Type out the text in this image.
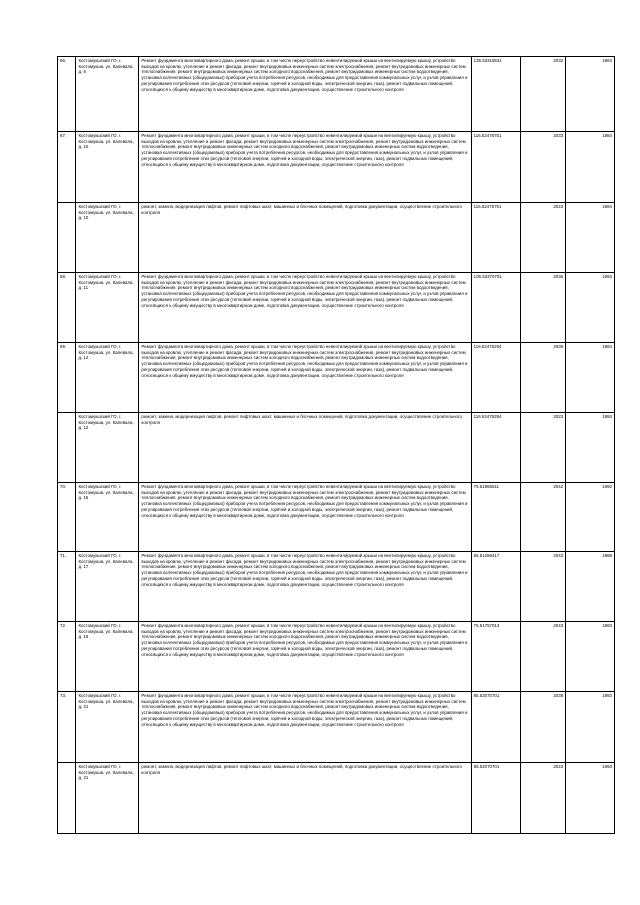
66.	Костомукшский ГО, г. Костомукша, ул. Калевала, д. 6	Ремонт фундамента многоквартирного дома, ремонт крыши, в том числе переустройство невентилируемой крыши на вентилируемую крышу, устройство выходов на кровлю, утепление и ремонт фасада, ремонт внутридомовых инженерных систем электроснабжения, ремонт внутридомовых инженерных систем теплоснабжения, ремонт внутридомовых инженерных систем холодного водоснабжения, ремонт внутридомовых инженерных систем водоотведения, установка коллективных (общедомовых) приборов учета потребления ресурсов, необходимых для предоставления коммунальных услуг, и узлов управления и регулирования потребления этих ресурсов (тепловой энергии, горячей и холодной воды, электрической энергии, газа), ремонт подвальных помещений, относящихся к общему имуществу в многоквартирном доме, подготовка документации, осуществление строительного контроля	135.53316531	2032	1984
67.	Костомукшский ГО, г. Костомукша, ул. Калевала, д. 10	Ремонт фундамента многоквартирного дома, ремонт крыши, в том числе переустройство невентилируемой крыши на вентилируемую крышу, устройство выходов на кровлю, утепление и ремонт фасада, ремонт внутридомовых инженерных систем электроснабжения, ремонт внутридомовых инженерных систем теплоснабжения, ремонт внутридомовых инженерных систем холодного водоснабжения, ремонт внутридомовых инженерных систем водоотведения, установка коллективных (общедомовых) приборов учета потребления ресурсов, необходимых для предоставления коммунальных услуг, и узлов управления и регулирования потребления этих ресурсов (тепловой энергии, горячей и холодной воды, электрической энергии, газа), ремонт подвальных помещений, относящихся к общему имуществу в многоквартирном доме, подготовка документации, осуществление строительного контроля	116.52476751	2033	1984
	Костомукшский ГО, г. Костомукша, ул. Калевала, д. 10	ремонт, замена, модернизация лифтов, ремонт лифтовых шахт, машинных и блочных помещений, подготовка документации, осуществление строительного контроля	116.52476751	2023	1984
68.	Костомукшский ГО, г. Костомукша, ул. Калевала, д. 11	Ремонт фундамента многоквартирного дома, ремонт крыши, в том числе переустройство невентилируемой крыши на вентилируемую крышу, устройство выходов на кровлю, утепление и ремонт фасада, ремонт внутридомовых инженерных систем электроснабжения, ремонт внутридомовых инженерных систем теплоснабжения, ремонт внутридомовых инженерных систем холодного водоснабжения, ремонт внутридомовых инженерных систем водоотведения, установка коллективных (общедомовых) приборов учета потребления ресурсов, необходимых для предоставления коммунальных услуг, и узлов управления и регулирования потребления этих ресурсов (тепловой энергии, горячей и холодной воды, электрической энергии, газа), ремонт подвальных помещений, относящихся к общему имуществу в многоквартирном доме, подготовка документации, осуществление строительного контроля	105.53370701	2036	1993
69.	Костомукшский ГО, г. Костомукша, ул. Калевала, д. 12	Ремонт фундамента многоквартирного дома, ремонт крыши, в том числе переустройство невентилируемой крыши на вентилируемую крышу, устройство выходов на кровлю, утепление и ремонт фасада, ремонт внутридомовых инженерных систем электроснабжения, ремонт внутридомовых инженерных систем теплоснабжения, ремонт внутридомовых инженерных систем холодного водоснабжения, ремонт внутридомовых инженерных систем водоотведения, установка коллективных (общедомовых) приборов учета потребления ресурсов, необходимых для предоставления коммунальных услуг, и узлов управления и регулирования потребления этих ресурсов (тепловой энергии, горячей и холодной воды, электрической энергии, газа), ремонт подвальных помещений, относящихся к общему имуществу в многоквартирном доме, подготовка документации, осуществление строительного контроля	116.52476294	2038	1984
	Костомукшский ГО, г. Костомукша, ул. Калевала, д. 12	ремонт, замена, модернизация лифтов, ремонт лифтовых шахт, машинных и блочных помещений, подготовка документации, осуществление строительного контроля	116.52476294	2023	1984
70.	Костомукшский ГО, г. Костомукша, ул. Калевала, д. 15	Ремонт фундамента многоквартирного дома, ремонт крыши, в том числе переустройство невентилируемой крыши на вентилируемую крышу, устройство выходов на кровлю, утепление и ремонт фасада, ремонт внутридомовых инженерных систем электроснабжения, ремонт внутридомовых инженерных систем теплоснабжения, ремонт внутридомовых инженерных систем холодного водоснабжения, ремонт внутридомовых инженерных систем водоотведения, установка коллективных (общедомовых) приборов учета потребления ресурсов, необходимых для предоставления коммунальных услуг, и узлов управления и регулирования потребления этих ресурсов (тепловой энергии, горячей и холодной воды, электрической энергии, газа), ремонт подвальных помещений, относящихся к общему имуществу в многоквартирном доме, подготовка документации, осуществление строительного контроля	75.51866511	2042	1992
71.	Костомукшский ГО, г. Костомукша, ул. Калевала, д. 17	Ремонт фундамента многоквартирного дома, ремонт крыши, в том числе переустройство невентилируемой крыши на вентилируемую крышу, устройство выходов на кровлю, утепление и ремонт фасада, ремонт внутридомовых инженерных систем электроснабжения, ремонт внутридомовых инженерных систем теплоснабжения, ремонт внутридомовых инженерных систем холодного водоснабжения, ремонт внутридомовых инженерных систем водоотведения, установка коллективных (общедомовых) приборов учета потребления ресурсов, необходимых для предоставления коммунальных услуг, и узлов управления и регулирования потребления этих ресурсов (тепловой энергии, горячей и холодной воды, электрической энергии, газа), ремонт подвальных помещений, относящихся к общему имуществу в многоквартирном доме, подготовка документации, осуществление строительного контроля	65.51259417	2043	1988
72.	Костомукшский ГО, г. Костомукша, ул. Калевала, д. 19	Ремонт фундамента многоквартирного дома, ремонт крыши, в том числе переустройство невентилируемой крыши на вентилируемую крышу, устройство выходов на кровлю, утепление и ремонт фасада, ремонт внутридомовых инженерных систем электроснабжения, ремонт внутридомовых инженерных систем теплоснабжения, ремонт внутридомовых инженерных систем холодного водоснабжения, ремонт внутридомовых инженерных систем водоотведения, установка коллективных (общедомовых) приборов учета потребления ресурсов, необходимых для предоставления коммунальных услуг, и узлов управления и регулирования потребления этих ресурсов (тепловой энергии, горячей и холодной воды, электрической энергии, газа), ремонт подвальных помещений, относящихся к общему имуществу в многоквартирном доме, подготовка документации, осуществление строительного контроля	75.51757013	2043	1983
73.	Костомукшский ГО, г. Костомукша, ул. Калевала, д. 21	Ремонт фундамента многоквартирного дома, ремонт крыши, в том числе переустройство невентилируемой крыши на вентилируемую крышу, устройство выходов на кровлю, утепление и ремонт фасада, ремонт внутридомовых инженерных систем электроснабжения, ремонт внутридомовых инженерных систем теплоснабжения, ремонт внутридомовых инженерных систем холодного водоснабжения, ремонт внутридомовых инженерных систем водоотведения, установка коллективных (общедомовых) приборов учета потребления ресурсов, необходимых для предоставления коммунальных услуг, и узлов управления и регулирования потребления этих ресурсов (тепловой энергии, горячей и холодной воды, электрической энергии, газа), ремонт подвальных помещений, относящихся к общему имуществу в многоквартирном доме, подготовка документации, осуществление строительного контроля	85.52070701	2038	1993
	Костомукшский ГО, г. Костомукша, ул. Калевала, д. 21	ремонт, замена, модернизация лифтов, ремонт лифтовых шахт, машинных и блочных помещений, подготовка документации, осуществление строительного контроля	85.52070701	2023	1993
